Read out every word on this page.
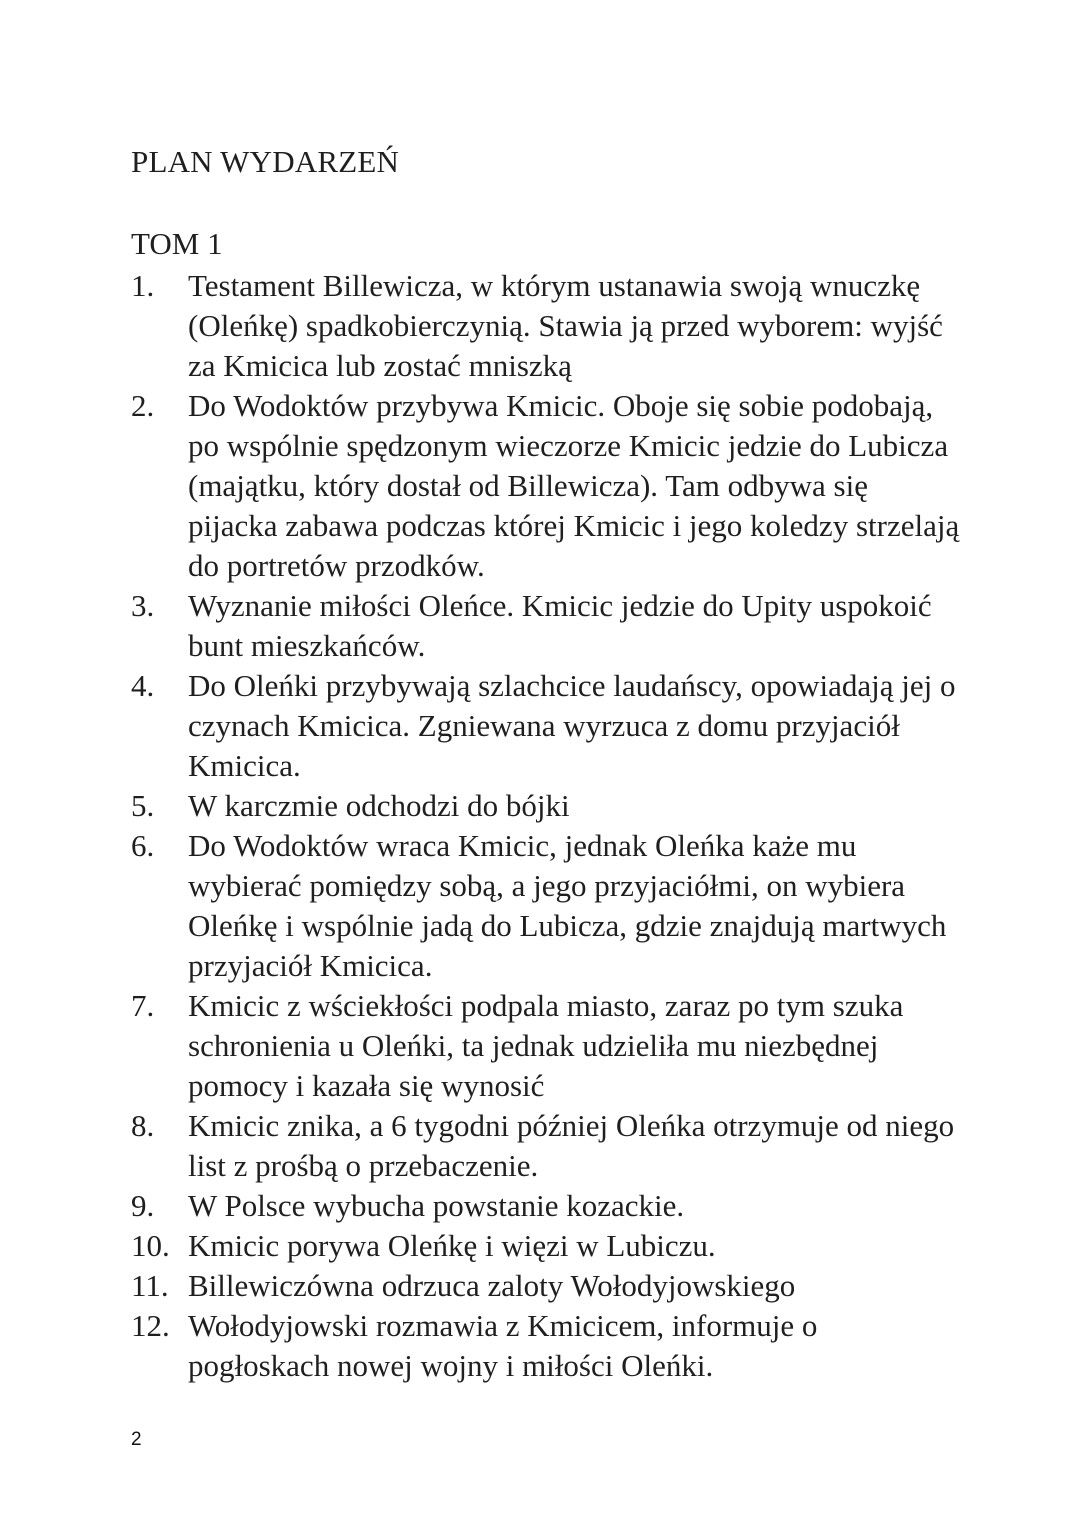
PLAN WYDARZEŃ
TOM 1
1.	Testament Billewicza, w którym ustanawia swoją wnuczkę (Oleńkę) spadkobierczynią. Stawia ją przed wyborem: wyjść za Kmicica lub zostać mniszką
2.	Do Wodoktów przybywa Kmicic. Oboje się sobie podobają, po wspólnie spędzonym wieczorze Kmicic jedzie do Lubicza (majątku, który dostał od Billewicza). Tam odbywa się pijacka zabawa podczas której Kmicic i jego koledzy strzelają do portretów przodków.
3.	Wyznanie miłości Oleńce. Kmicic jedzie do Upity uspokoić bunt mieszkańców.
4.	Do Oleńki przybywają szlachcice laudańscy, opowiadają jej o czynach Kmicica. Zgniewana wyrzuca z domu przyjaciół Kmicica.
5.	W karczmie odchodzi do bójki
6.	Do Wodoktów wraca Kmicic, jednak Oleńka każe mu wybierać pomiędzy sobą, a jego przyjaciółmi, on wybiera Oleńkę i wspólnie jadą do Lubicza, gdzie znajdują martwych przyjaciół Kmicica.
7.	Kmicic z wściekłości podpala miasto, zaraz po tym szuka schronienia u Oleńki, ta jednak udzieliła mu niezbędnej pomocy i kazała się wynosić
8.	Kmicic znika, a 6 tygodni później Oleńka otrzymuje od niego list z prośbą o przebaczenie.
9.	W Polsce wybucha powstanie kozackie.
10. Kmicic porywa Oleńkę i więzi w Lubiczu.
11. Billewiczówna odrzuca zaloty Wołodyjowskiego
12. Wołodyjowski rozmawia z Kmicicem, informuje o pogłoskach nowej wojny i miłości Oleńki.
2
